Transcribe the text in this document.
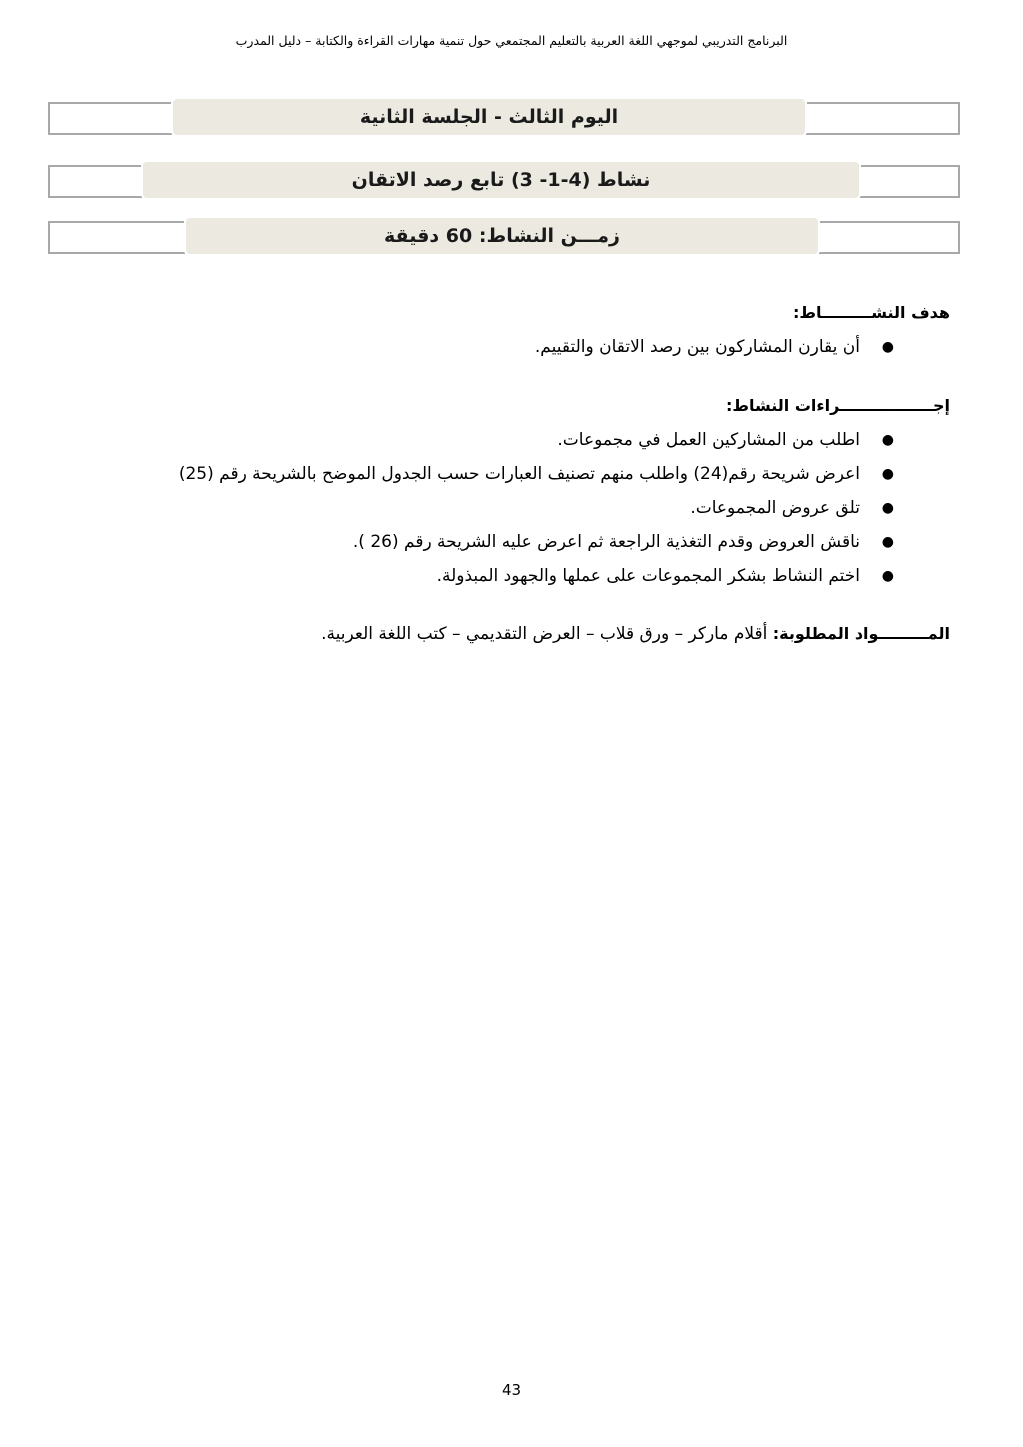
البرنامج التدريبي لموجهي اللغة العربية بالتعليم المجتمعي حول تنمية مهارات القراءة والكتابة – دليل المدرب
اليوم الثالث - الجلسة الثانية
نشاط (4-1- 3) تابع رصد الاتقان
زمـــن النشاط: 60 دقيقة
هدف النشـــــــــاط:
●
أن يقارن المشاركون بين رصد الاتقان والتقييم.
إجـــــــــــــــــراءات النشاط:
●
اطلب من المشاركين العمل في مجموعات.
●
اعرض شريحة رقم(24) واطلب منهم تصنيف العبارات حسب الجدول الموضح بالشريحة رقم (25)
●
تلق عروض المجموعات.
●
ناقش العروض وقدم التغذية الراجعة ثم اعرض عليه الشريحة رقم (26 ).
●
اختم النشاط بشكر المجموعات على عملها والجهود المبذولة.
المـــــــــواد المطلوبة: أقلام ماركر – ورق قلاب – العرض التقديمي – كتب اللغة العربية.
43
